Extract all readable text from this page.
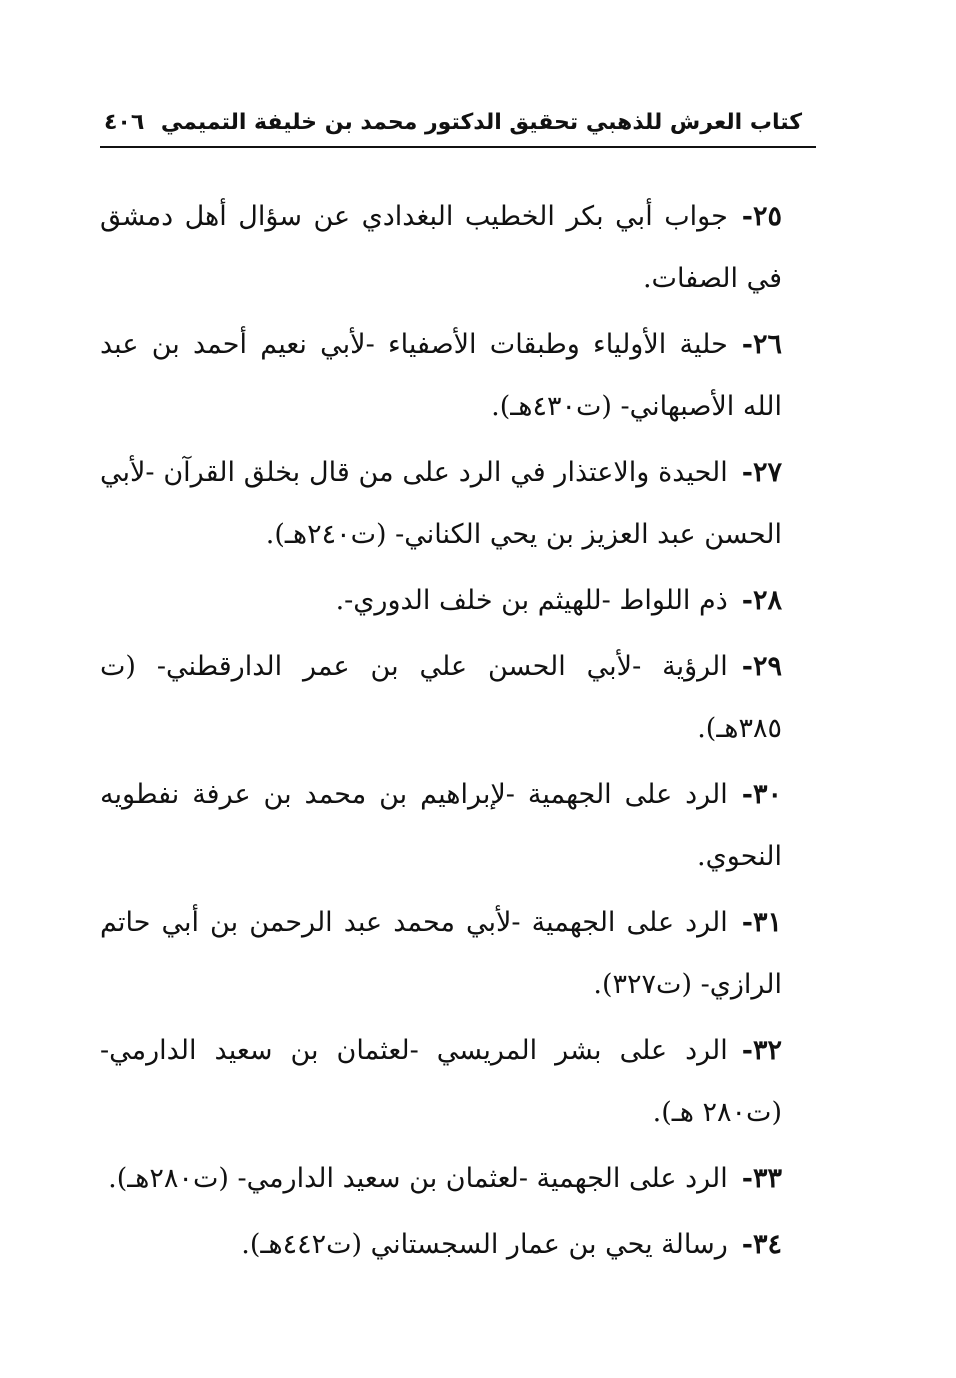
كتاب العرش للذهبي تحقيق الدكتور محمد بن خليفة التميمي
٤٠٦

٢٥-جواب أبي بكر الخطيب البغدادي عن سؤال أهل دمشق في الصفات.

٢٦-حلية الأولياء وطبقات الأصفياء -لأبي نعيم أحمد بن عبد الله الأصبهاني- (ت٤٣٠هـ).

٢٧-الحيدة والاعتذار في الرد على من قال بخلق القرآن -لأبي الحسن عبد العزيز بن يحي الكناني- (ت٢٤٠هـ).

٢٨-ذم اللواط -للهيثم بن خلف الدوري-.

٢٩-الرؤية -لأبي الحسن علي بن عمر الدارقطني- (ت ٣٨٥هـ).

٣٠-الرد على الجهمية -لإبراهيم بن محمد بن عرفة نفطويه النحوي.

٣١-الرد على الجهمية -لأبي محمد عبد الرحمن بن أبي حاتم الرازي- (ت٣٢٧).

٣٢-الرد على بشر المريسي -لعثمان بن سعيد الدارمي- (ت٢٨٠ هـ).

٣٣-الرد على الجهمية -لعثمان بن سعيد الدارمي- (ت٢٨٠هـ).

٣٤-رسالة يحي بن عمار السجستاني (ت٤٤٢هـ).
